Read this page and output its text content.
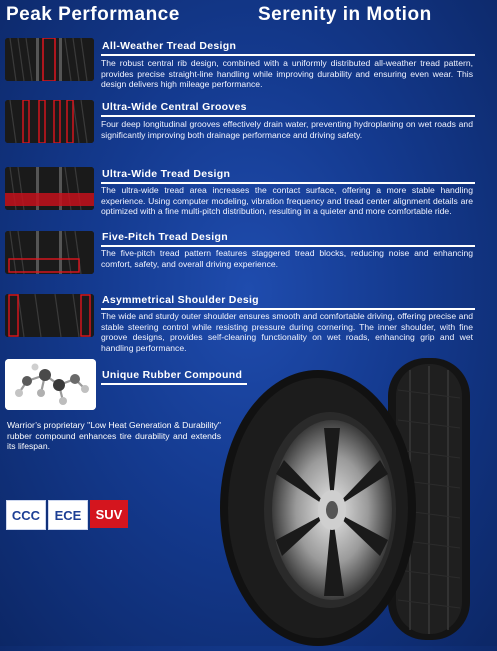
Peak Performance	Serenity in Motion
All-Weather Tread Design
The robust central rib design, combined with a uniformly distributed all-weather tread pattern, provides precise straight-line handling while improving durability and ensuring even wear. This design delivers high mileage performance.
Ultra-Wide Central Grooves
Four deep longitudinal grooves effectively drain water, preventing hydroplaning on wet roads and significantly improving both drainage performance and driving safety.
Ultra-Wide Tread Design
The ultra-wide tread area increases the contact surface, offering a more stable handling experience. Using computer modeling, vibration frequency and tread center alignment details are optimized with a fine multi-pitch distribution, resulting in a quieter and more comfortable ride.
Five-Pitch Tread Design
The five-pitch tread pattern features staggered tread blocks, reducing noise and enhancing comfort, safety, and overall driving experience.
Asymmetrical Shoulder Desig
The wide and sturdy outer shoulder ensures smooth and comfortable driving, offering precise and stable steering control while resisting pressure during cornering. The inner shoulder, with fine groove designs, provides self-cleaning functionality on wet roads, enhancing grip and wet handling performance.
Unique Rubber Compound
Warrior’s proprietary "Low Heat Generation & Durability" rubber compound enhances tire durability and extends its lifespan.
CCC	ECE	SUV
